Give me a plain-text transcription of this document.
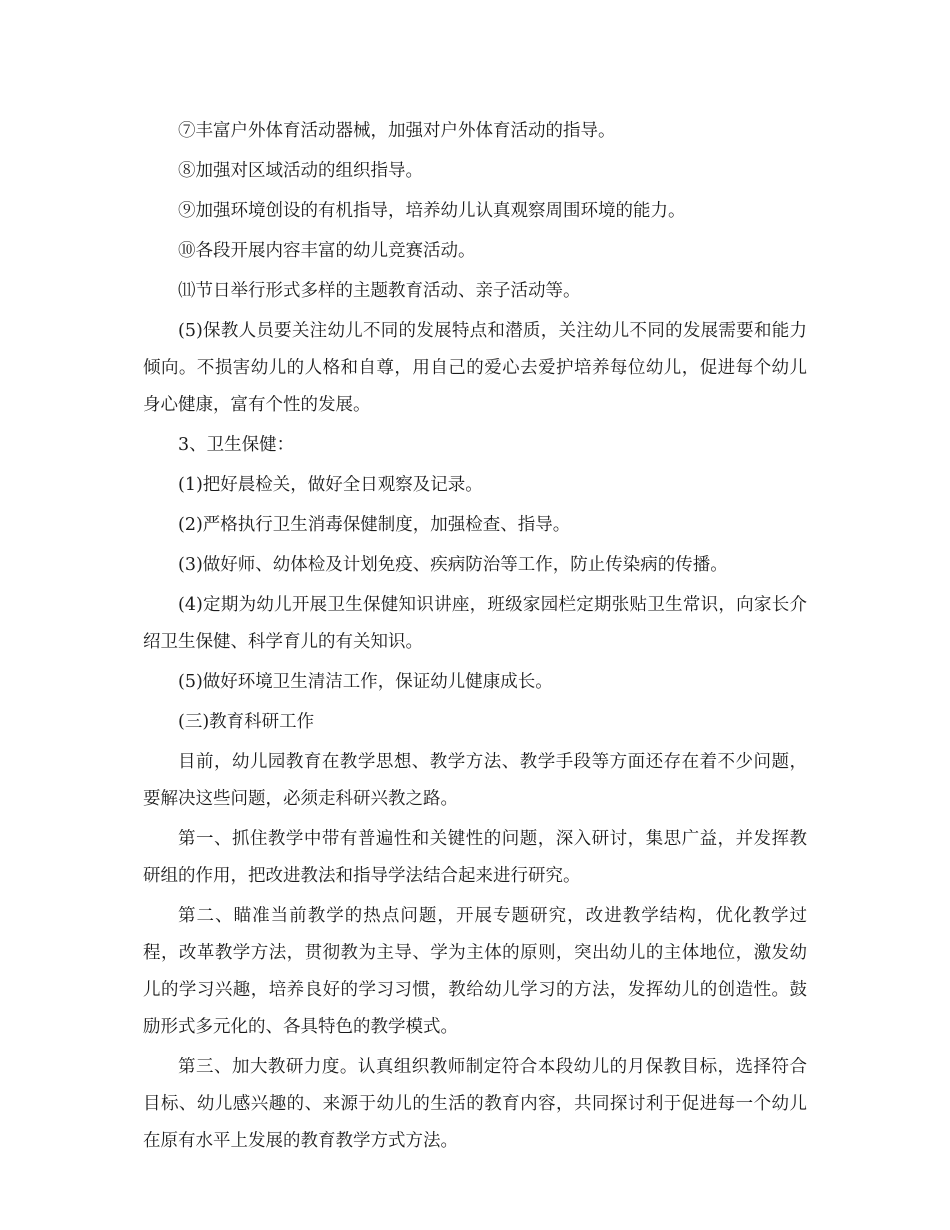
⑦丰富户外体育活动器械，加强对户外体育活动的指导。

⑧加强对区域活动的组织指导。

⑨加强环境创设的有机指导，培养幼儿认真观察周围环境的能力。

⑩各段开展内容丰富的幼儿竞赛活动。

⑾节日举行形式多样的主题教育活动、亲子活动等。

(5)保教人员要关注幼儿不同的发展特点和潜质，关注幼儿不同的发展需要和能力倾向。不损害幼儿的人格和自尊，用自己的爱心去爱护培养每位幼儿，促进每个幼儿身心健康，富有个性的发展。

3、卫生保健：

(1)把好晨检关，做好全日观察及记录。

(2)严格执行卫生消毒保健制度，加强检查、指导。

(3)做好师、幼体检及计划免疫、疾病防治等工作，防止传染病的传播。

(4)定期为幼儿开展卫生保健知识讲座，班级家园栏定期张贴卫生常识，向家长介绍卫生保健、科学育儿的有关知识。

(5)做好环境卫生清洁工作，保证幼儿健康成长。

(三)教育科研工作

目前，幼儿园教育在教学思想、教学方法、教学手段等方面还存在着不少问题，要解决这些问题，必须走科研兴教之路。

第一、抓住教学中带有普遍性和关键性的问题，深入研讨，集思广益，并发挥教研组的作用，把改进教法和指导学法结合起来进行研究。

第二、瞄准当前教学的热点问题，开展专题研究，改进教学结构，优化教学过程，改革教学方法，贯彻教为主导、学为主体的原则，突出幼儿的主体地位，激发幼儿的学习兴趣，培养良好的学习习惯，教给幼儿学习的方法，发挥幼儿的创造性。鼓励形式多元化的、各具特色的教学模式。

第三、加大教研力度。认真组织教师制定符合本段幼儿的月保教目标，选择符合目标、幼儿感兴趣的、来源于幼儿的生活的教育内容，共同探讨利于促进每一个幼儿在原有水平上发展的教育教学方式方法。
